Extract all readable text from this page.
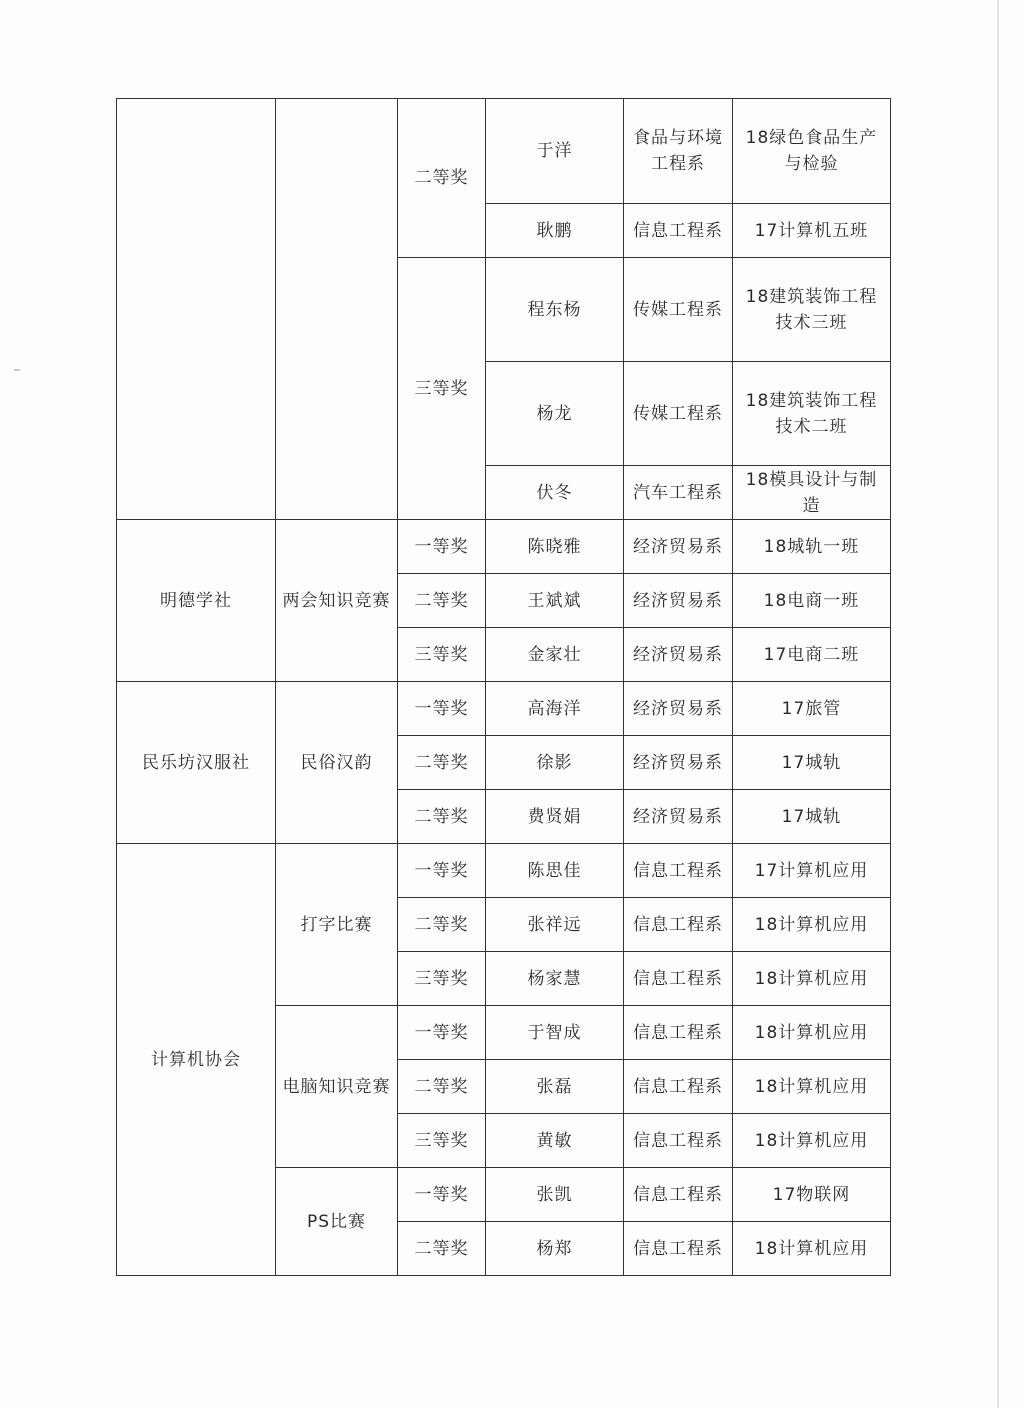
		二等奖	于洋	食品与环境工程系	18绿色食品生产与检验
			耿鹏	信息工程系	17计算机五班
		三等奖	程东杨	传媒工程系	18建筑装饰工程技术三班
			杨龙	传媒工程系	18建筑装饰工程技术二班
			伏冬	汽车工程系	18模具设计与制造
明德学社	两会知识竞赛	一等奖	陈晓雅	经济贸易系	18城轨一班
		二等奖	王斌斌	经济贸易系	18电商一班
		三等奖	金家壮	经济贸易系	17电商二班
民乐坊汉服社	民俗汉韵	一等奖	高海洋	经济贸易系	17旅管
		二等奖	徐影	经济贸易系	17城轨
		二等奖	费贤娟	经济贸易系	17城轨
计算机协会	打字比赛	一等奖	陈思佳	信息工程系	17计算机应用
		二等奖	张祥远	信息工程系	18计算机应用
		三等奖	杨家慧	信息工程系	18计算机应用
	电脑知识竞赛	一等奖	于智成	信息工程系	18计算机应用
		二等奖	张磊	信息工程系	18计算机应用
		三等奖	黄敏	信息工程系	18计算机应用
	PS比赛	一等奖	张凯	信息工程系	17物联网
		二等奖	杨郑	信息工程系	18计算机应用
